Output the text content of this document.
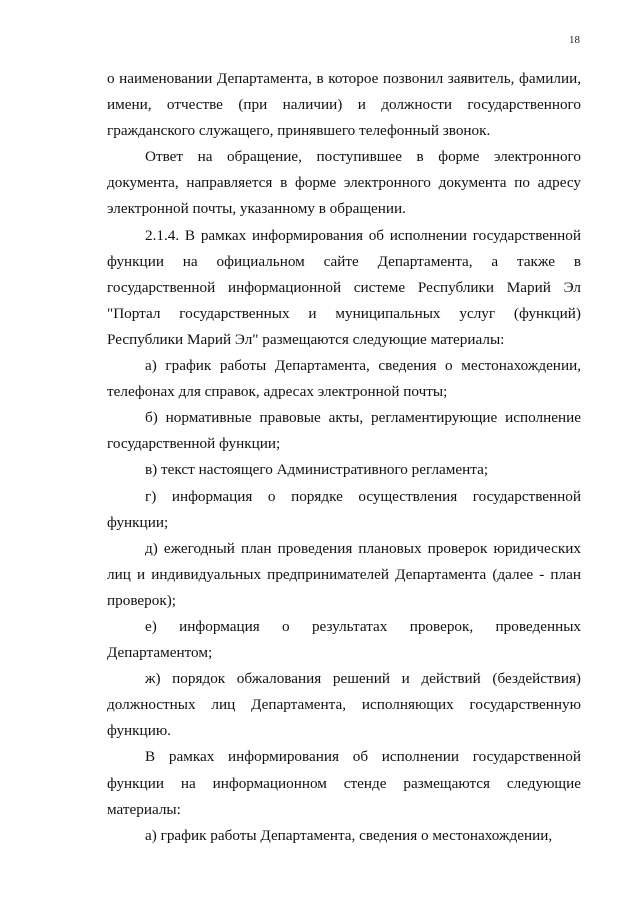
18

о наименовании Департамента, в которое позвонил заявитель, фамилии, имени, отчестве (при наличии) и должности государственного гражданского служащего, принявшего телефонный звонок.

Ответ на обращение, поступившее в форме электронного документа, направляется в форме электронного документа по адресу электронной почты, указанному в обращении.

2.1.4. В рамках информирования об исполнении государственной функции на официальном сайте Департамента, а также в государственной информационной системе Республики Марий Эл "Портал государственных и муниципальных услуг (функций) Республики Марий Эл" размещаются следующие материалы:

а) график работы Департамента, сведения о местонахождении, телефонах для справок, адресах электронной почты;

б) нормативные правовые акты, регламентирующие исполнение государственной функции;

в) текст настоящего Административного регламента;

г) информация о порядке осуществления государственной функции;

д) ежегодный план проведения плановых проверок юридических лиц и индивидуальных предпринимателей Департамента (далее - план проверок);

е) информация о результатах проверок, проведенных Департаментом;

ж) порядок обжалования решений и действий (бездействия) должностных лиц Департамента, исполняющих государственную функцию.

В рамках информирования об исполнении государственной функции на информационном стенде размещаются следующие материалы:

а) график работы Департамента, сведения о местонахождении,
